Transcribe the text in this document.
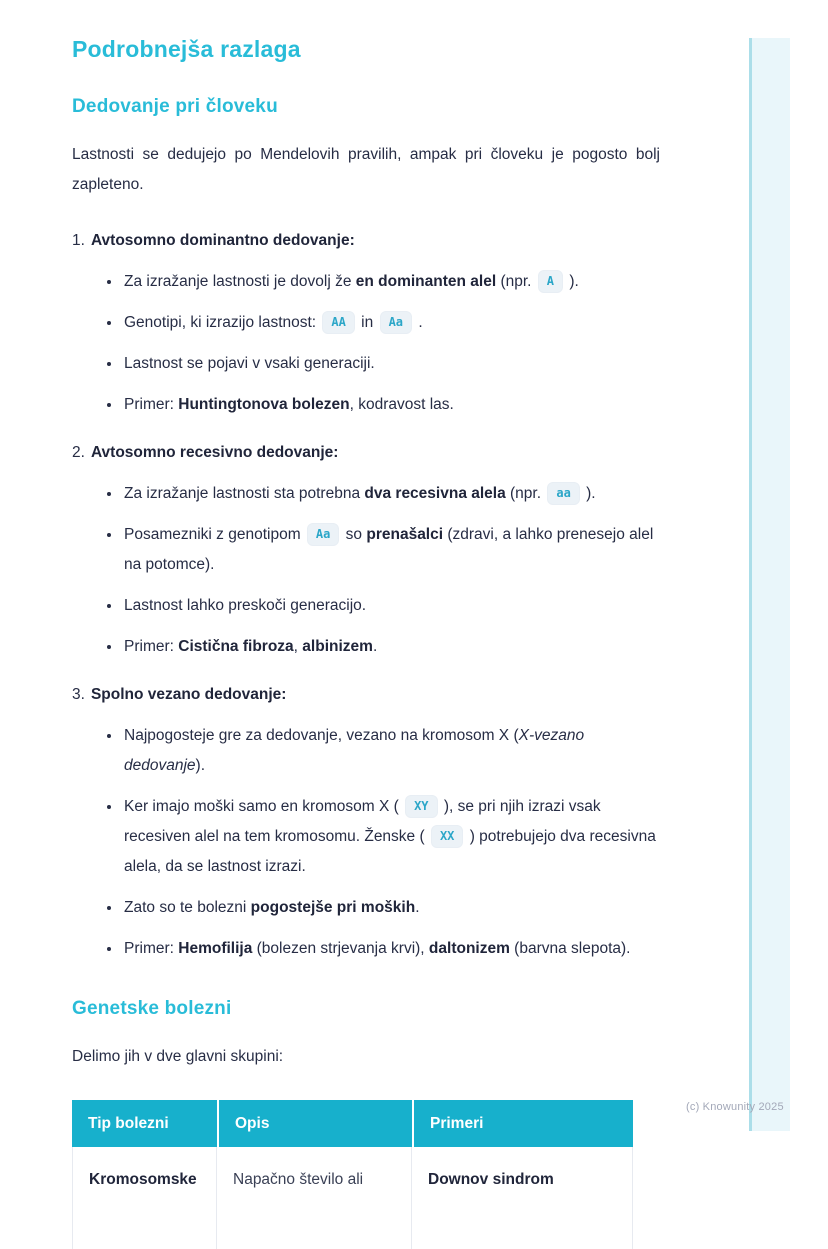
(c) Knowunity 2025
Podrobnejša razlaga
Dedovanje pri človeku

Lastnosti se dedujejo po Mendelovih pravilih, ampak pri človeku je pogosto bolj zapleteno.

1. Avtosomno dominantno dedovanje:
• Za izražanje lastnosti je dovolj že en dominanten alel (npr. A ).
• Genotipi, ki izrazijo lastnost: AA in Aa .
• Lastnost se pojavi v vsaki generaciji.
• Primer: Huntingtonova bolezen, kodravost las.
2. Avtosomno recesivno dedovanje:
• Za izražanje lastnosti sta potrebna dva recesivna alela (npr. aa ).
• Posamezniki z genotipom Aa so prenašalci (zdravi, a lahko prenesejo alel na potomce).
• Lastnost lahko preskoči generacijo.
• Primer: Cistična fibroza, albinizem.
3. Spolno vezano dedovanje:
• Najpogosteje gre za dedovanje, vezano na kromosom X (X-vezano dedovanje).
• Ker imajo moški samo en kromosom X ( XY ), se pri njih izrazi vsak recesiven alel na tem kromosomu. Ženske ( XX ) potrebujejo dva recesivna alela, da se lastnost izrazi.
• Zato so te bolezni pogostejše pri moških.
• Primer: Hemofilija (bolezen strjevanja krvi), daltonizem (barvna slepota).
Genetske bolezni

Delimo jih v dve glavni skupini:

Tip bolezni	Opis	Primeri
Kromosomske	Napačno število ali	Downov sindrom
